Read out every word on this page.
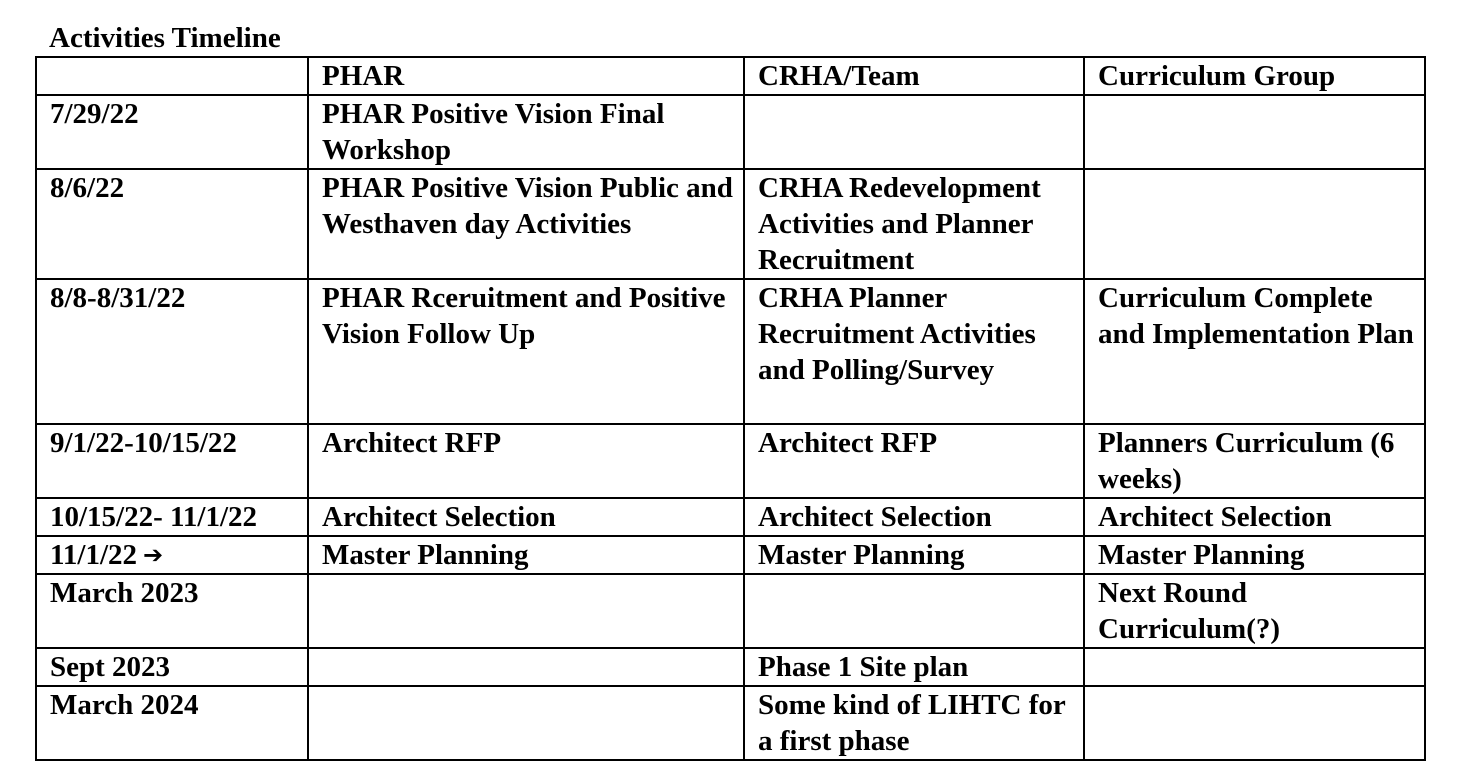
Activities Timeline
	PHAR	CRHA/Team	Curriculum Group
7/29/22	PHAR Positive Vision Final Workshop		
8/6/22	PHAR Positive Vision Public and Westhaven day Activities	CRHA Redevelopment Activities and Planner Recruitment	
8/8-8/31/22	PHAR Rceruitment and Positive Vision Follow Up	CRHA Planner Recruitment Activities and Polling/Survey	Curriculum Complete and Implementation Plan
9/1/22-10/15/22	Architect RFP	Architect RFP	Planners Curriculum (6 weeks)
10/15/22- 11/1/22	Architect Selection	Architect Selection	Architect Selection
11/1/22 ➔	Master Planning	Master Planning	Master Planning
March 2023			Next Round Curriculum(?)
Sept 2023		Phase 1 Site plan	
March 2024		Some kind of LIHTC for a first phase	
